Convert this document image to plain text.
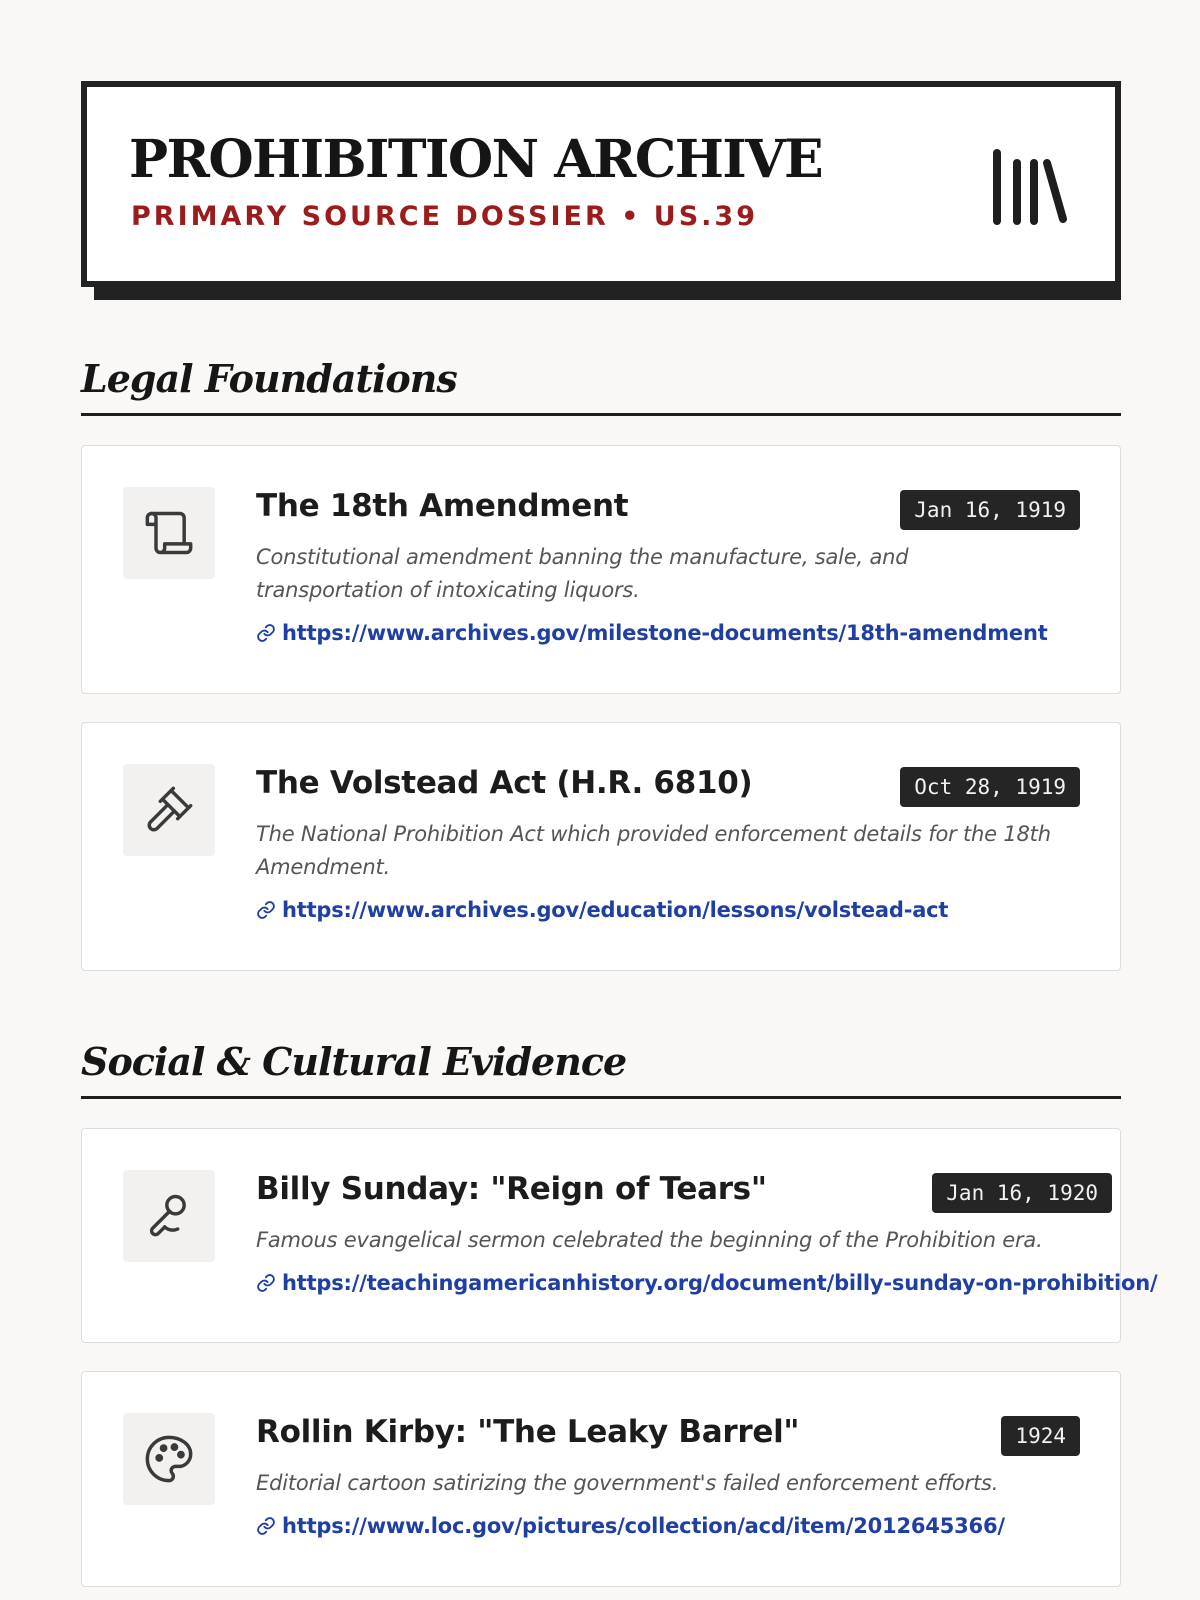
PROHIBITION ARCHIVE
PRIMARY SOURCE DOSSIER • US.39
Legal Foundations
The 18th Amendment	Jan 16, 1919
Constitutional amendment banning the manufacture, sale, and transportation of intoxicating liquors.
https://www.archives.gov/milestone-documents/18th-amendment
The Volstead Act (H.R. 6810)	Oct 28, 1919
The National Prohibition Act which provided enforcement details for the 18th Amendment.
https://www.archives.gov/education/lessons/volstead-act
Social & Cultural Evidence
Billy Sunday: "Reign of Tears"	Jan 16, 1920
Famous evangelical sermon celebrated the beginning of the Prohibition era.
https://teachingamericanhistory.org/document/billy-sunday-on-prohibition/
Rollin Kirby: "The Leaky Barrel"	1924
Editorial cartoon satirizing the government's failed enforcement efforts.
https://www.loc.gov/pictures/collection/acd/item/2012645366/
